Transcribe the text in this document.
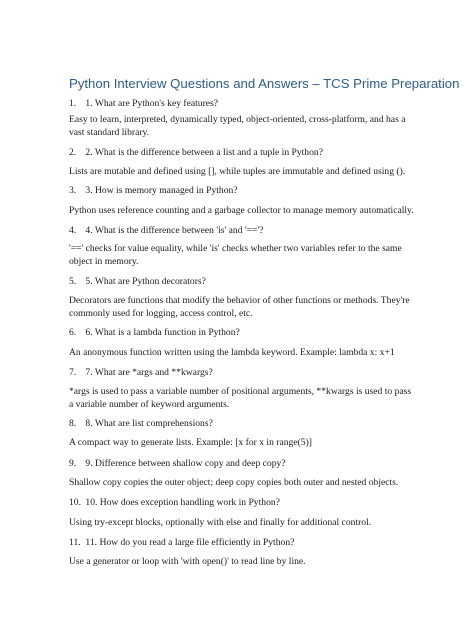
Python Interview Questions and Answers – TCS Prime Preparation
1. 1. What are Python's key features?
Easy to learn, interpreted, dynamically typed, object-oriented, cross-platform, and has a vast standard library.
2. 2. What is the difference between a list and a tuple in Python?
Lists are mutable and defined using [], while tuples are immutable and defined using ().
3. 3. How is memory managed in Python?
Python uses reference counting and a garbage collector to manage memory automatically.
4. 4. What is the difference between 'is' and '=='?
'==' checks for value equality, while 'is' checks whether two variables refer to the same object in memory.
5. 5. What are Python decorators?
Decorators are functions that modify the behavior of other functions or methods. They're commonly used for logging, access control, etc.
6. 6. What is a lambda function in Python?
An anonymous function written using the lambda keyword. Example: lambda x: x+1
7. 7. What are *args and **kwargs?
*args is used to pass a variable number of positional arguments, **kwargs is used to pass a variable number of keyword arguments.
8. 8. What are list comprehensions?
A compact way to generate lists. Example: [x for x in range(5)]
9. 9. Difference between shallow copy and deep copy?
Shallow copy copies the outer object; deep copy copies both outer and nested objects.
10. 10. How does exception handling work in Python?
Using try-except blocks, optionally with else and finally for additional control.
11. 11. How do you read a large file efficiently in Python?
Use a generator or loop with 'with open()' to read line by line.
